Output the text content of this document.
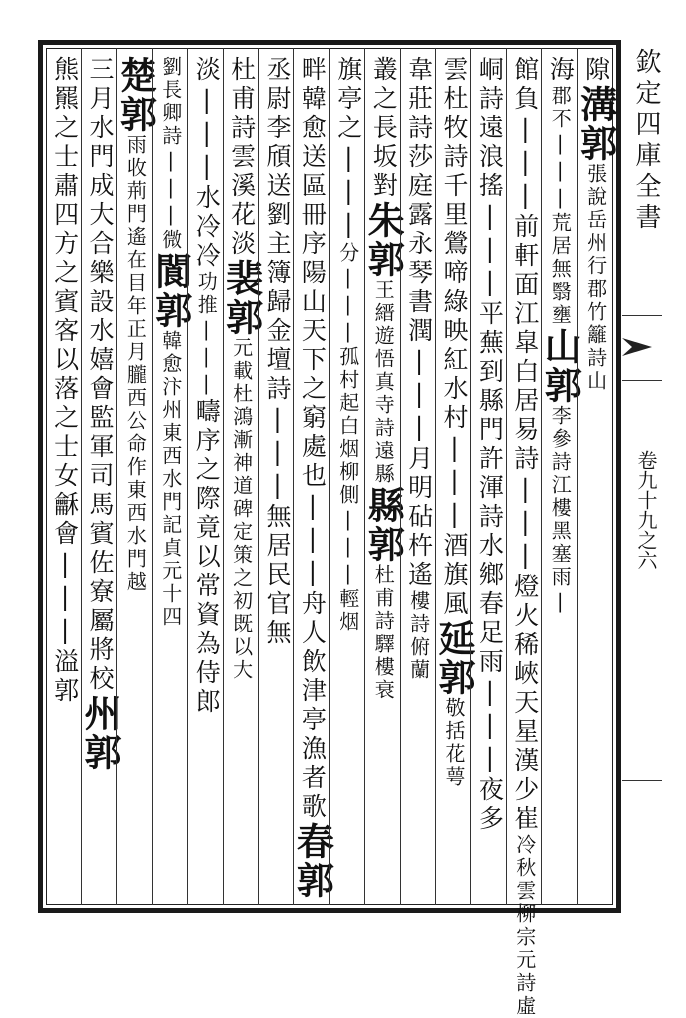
欽定四庫全書
卷九十九之六
隙溝郭張說岳州行郡竹籬詩山
海郡不|||荒居無翳壅山郭李參詩江樓黑塞雨|
館負|||前軒面江皐白居易詩|||燈火稀峽天星漢少崔冷秋雲柳宗元詩虛
峒詩遠浪搖|||平蕪到縣門許渾詩水鄉春足雨|||夜多
雲杜牧詩千里鶯啼綠映紅水村|||酒旗風延郭敬括花萼
韋莊詩莎庭露永琴書潤|||月明砧杵遙樓詩俯蘭
叢之長坂對朱郭王縉遊悟真寺詩遠縣縣郭杜甫詩驛樓衰
旗亭之|||分|||孤村起白烟柳側|||輕烟
畔韓愈送區冊序陽山天下之窮處也|||舟人飲津亭漁者歌春郭
丞尉李頎送劉主簿歸金壇詩|||無居民官無
杜甫詩雲溪花淡裴郭元載杜鴻漸神道碑定策之初既以大
淡|||水冷冷功推|||疇序之際竟以常資為侍郎
劉長卿詩|||微閬郭韓愈汴州東西水門記貞元十四
楚郭雨收荊門遙在目年正月朧西公命作東西水門越
三月水門成大合樂設水嬉會監軍司馬賓佐寮屬將校州郭
熊羆之士肅四方之賓客以落之士女龢會|||溢郭
